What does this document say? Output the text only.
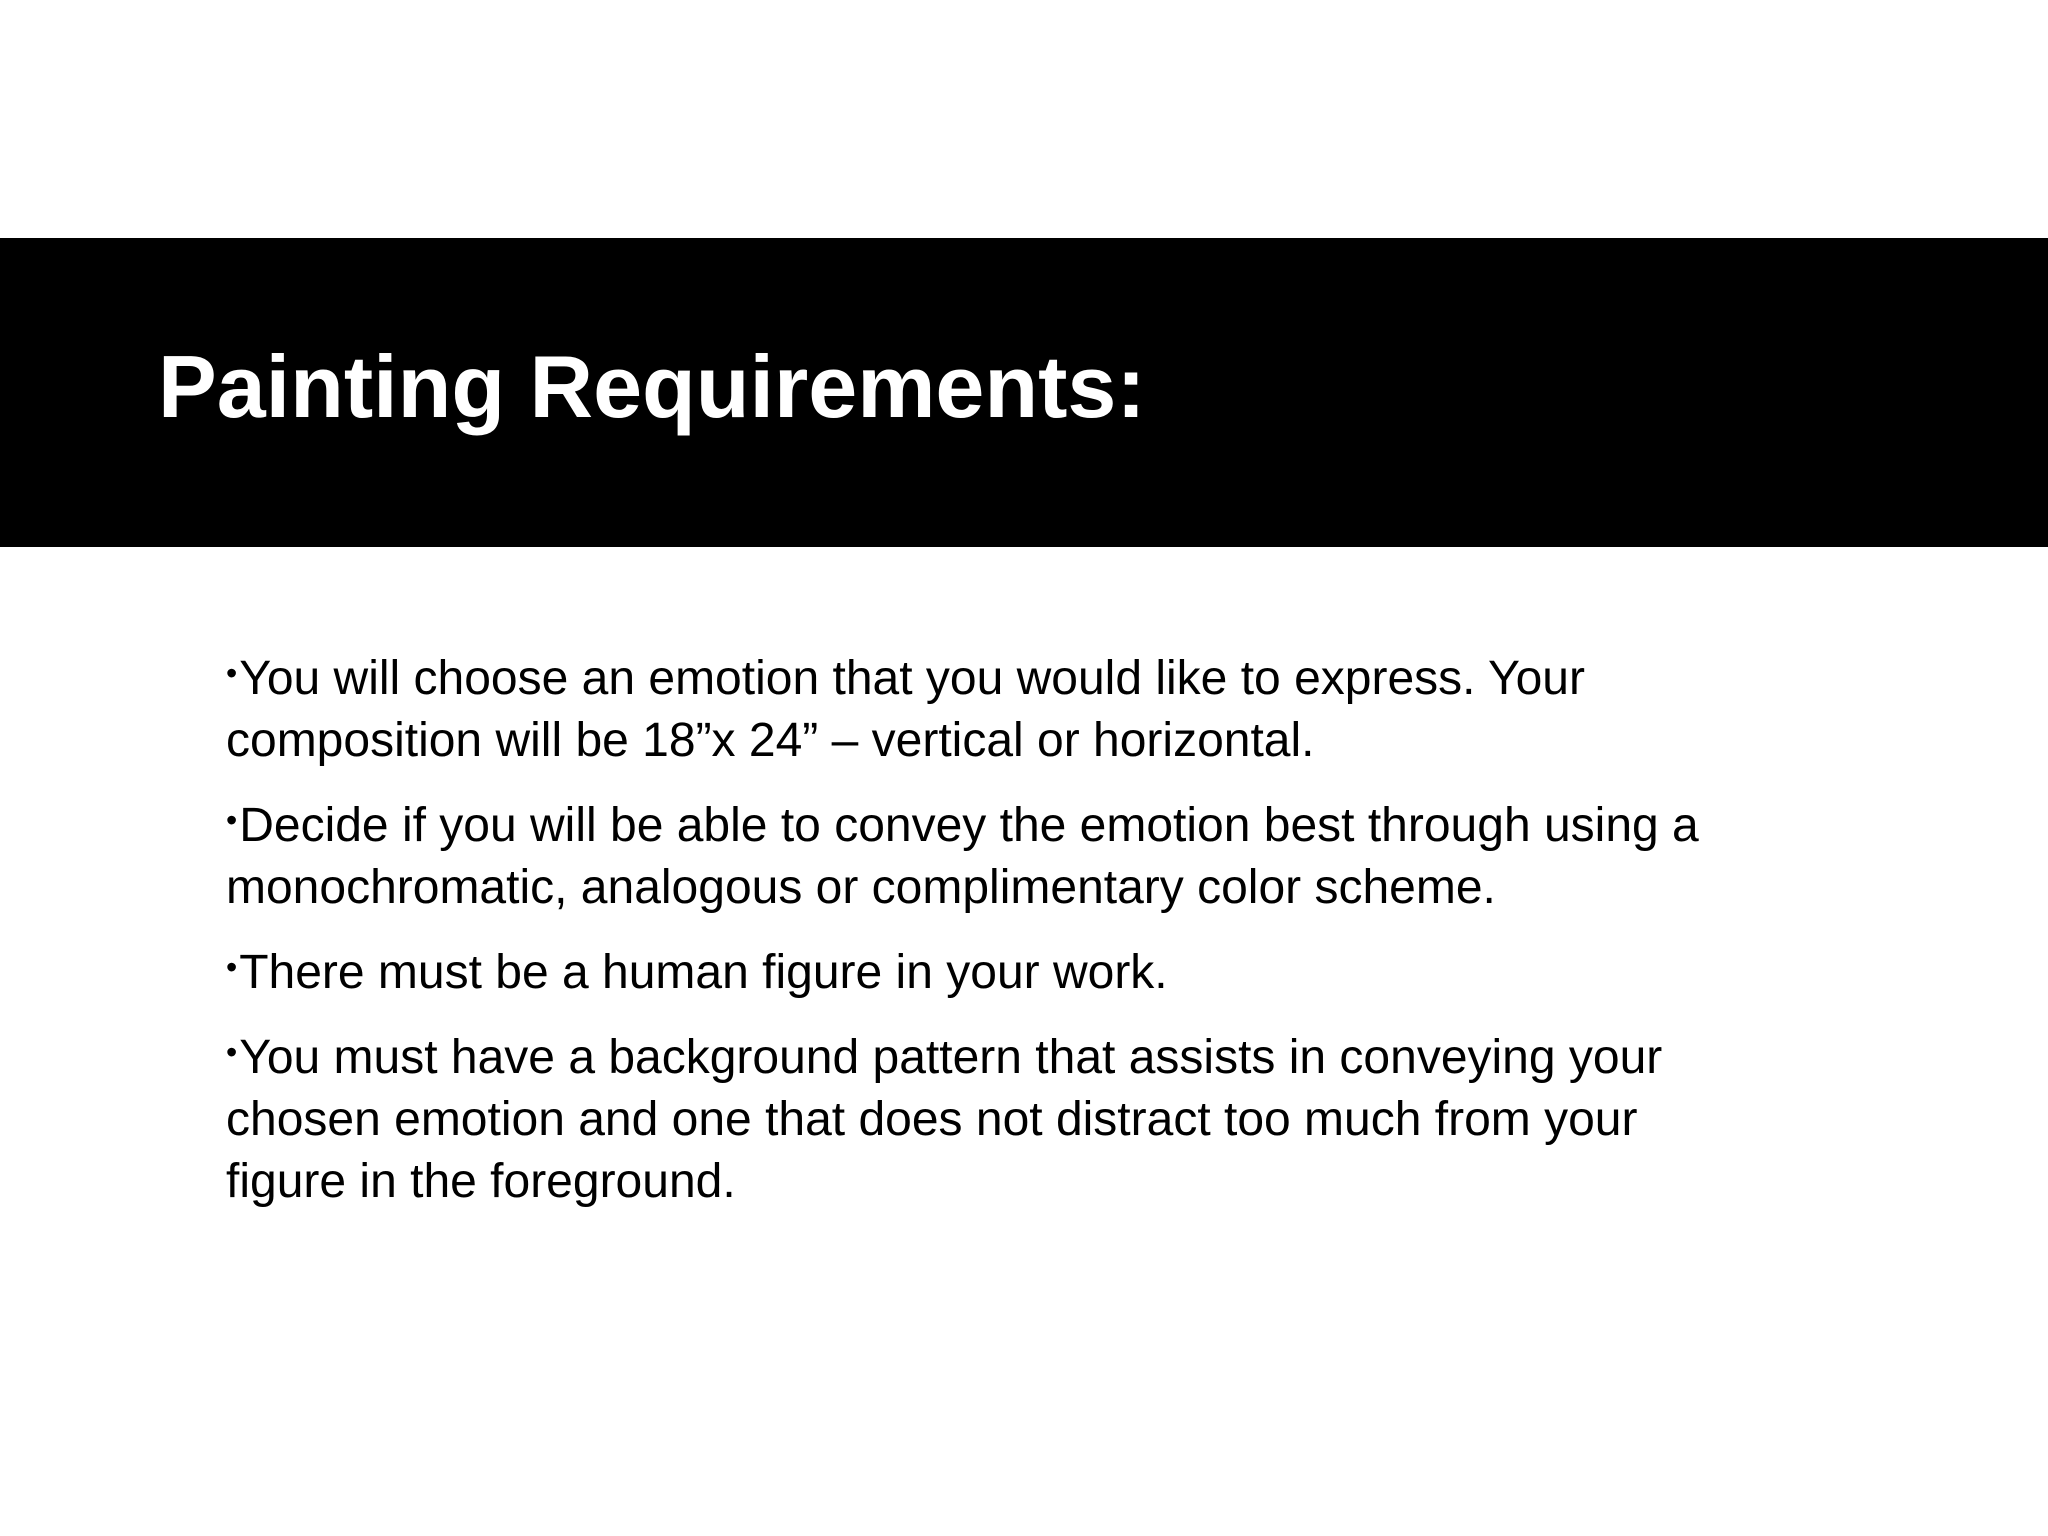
Painting Requirements:
•You will choose an emotion that you would like to express. Your
composition will be 18”x 24” – vertical or horizontal.
•Decide if you will be able to convey the emotion best through using a
monochromatic, analogous or complimentary color scheme.
•There must be a human figure in your work.
•You must have a background pattern that assists in conveying your
chosen emotion and one that does not distract too much from your
figure in the foreground.
